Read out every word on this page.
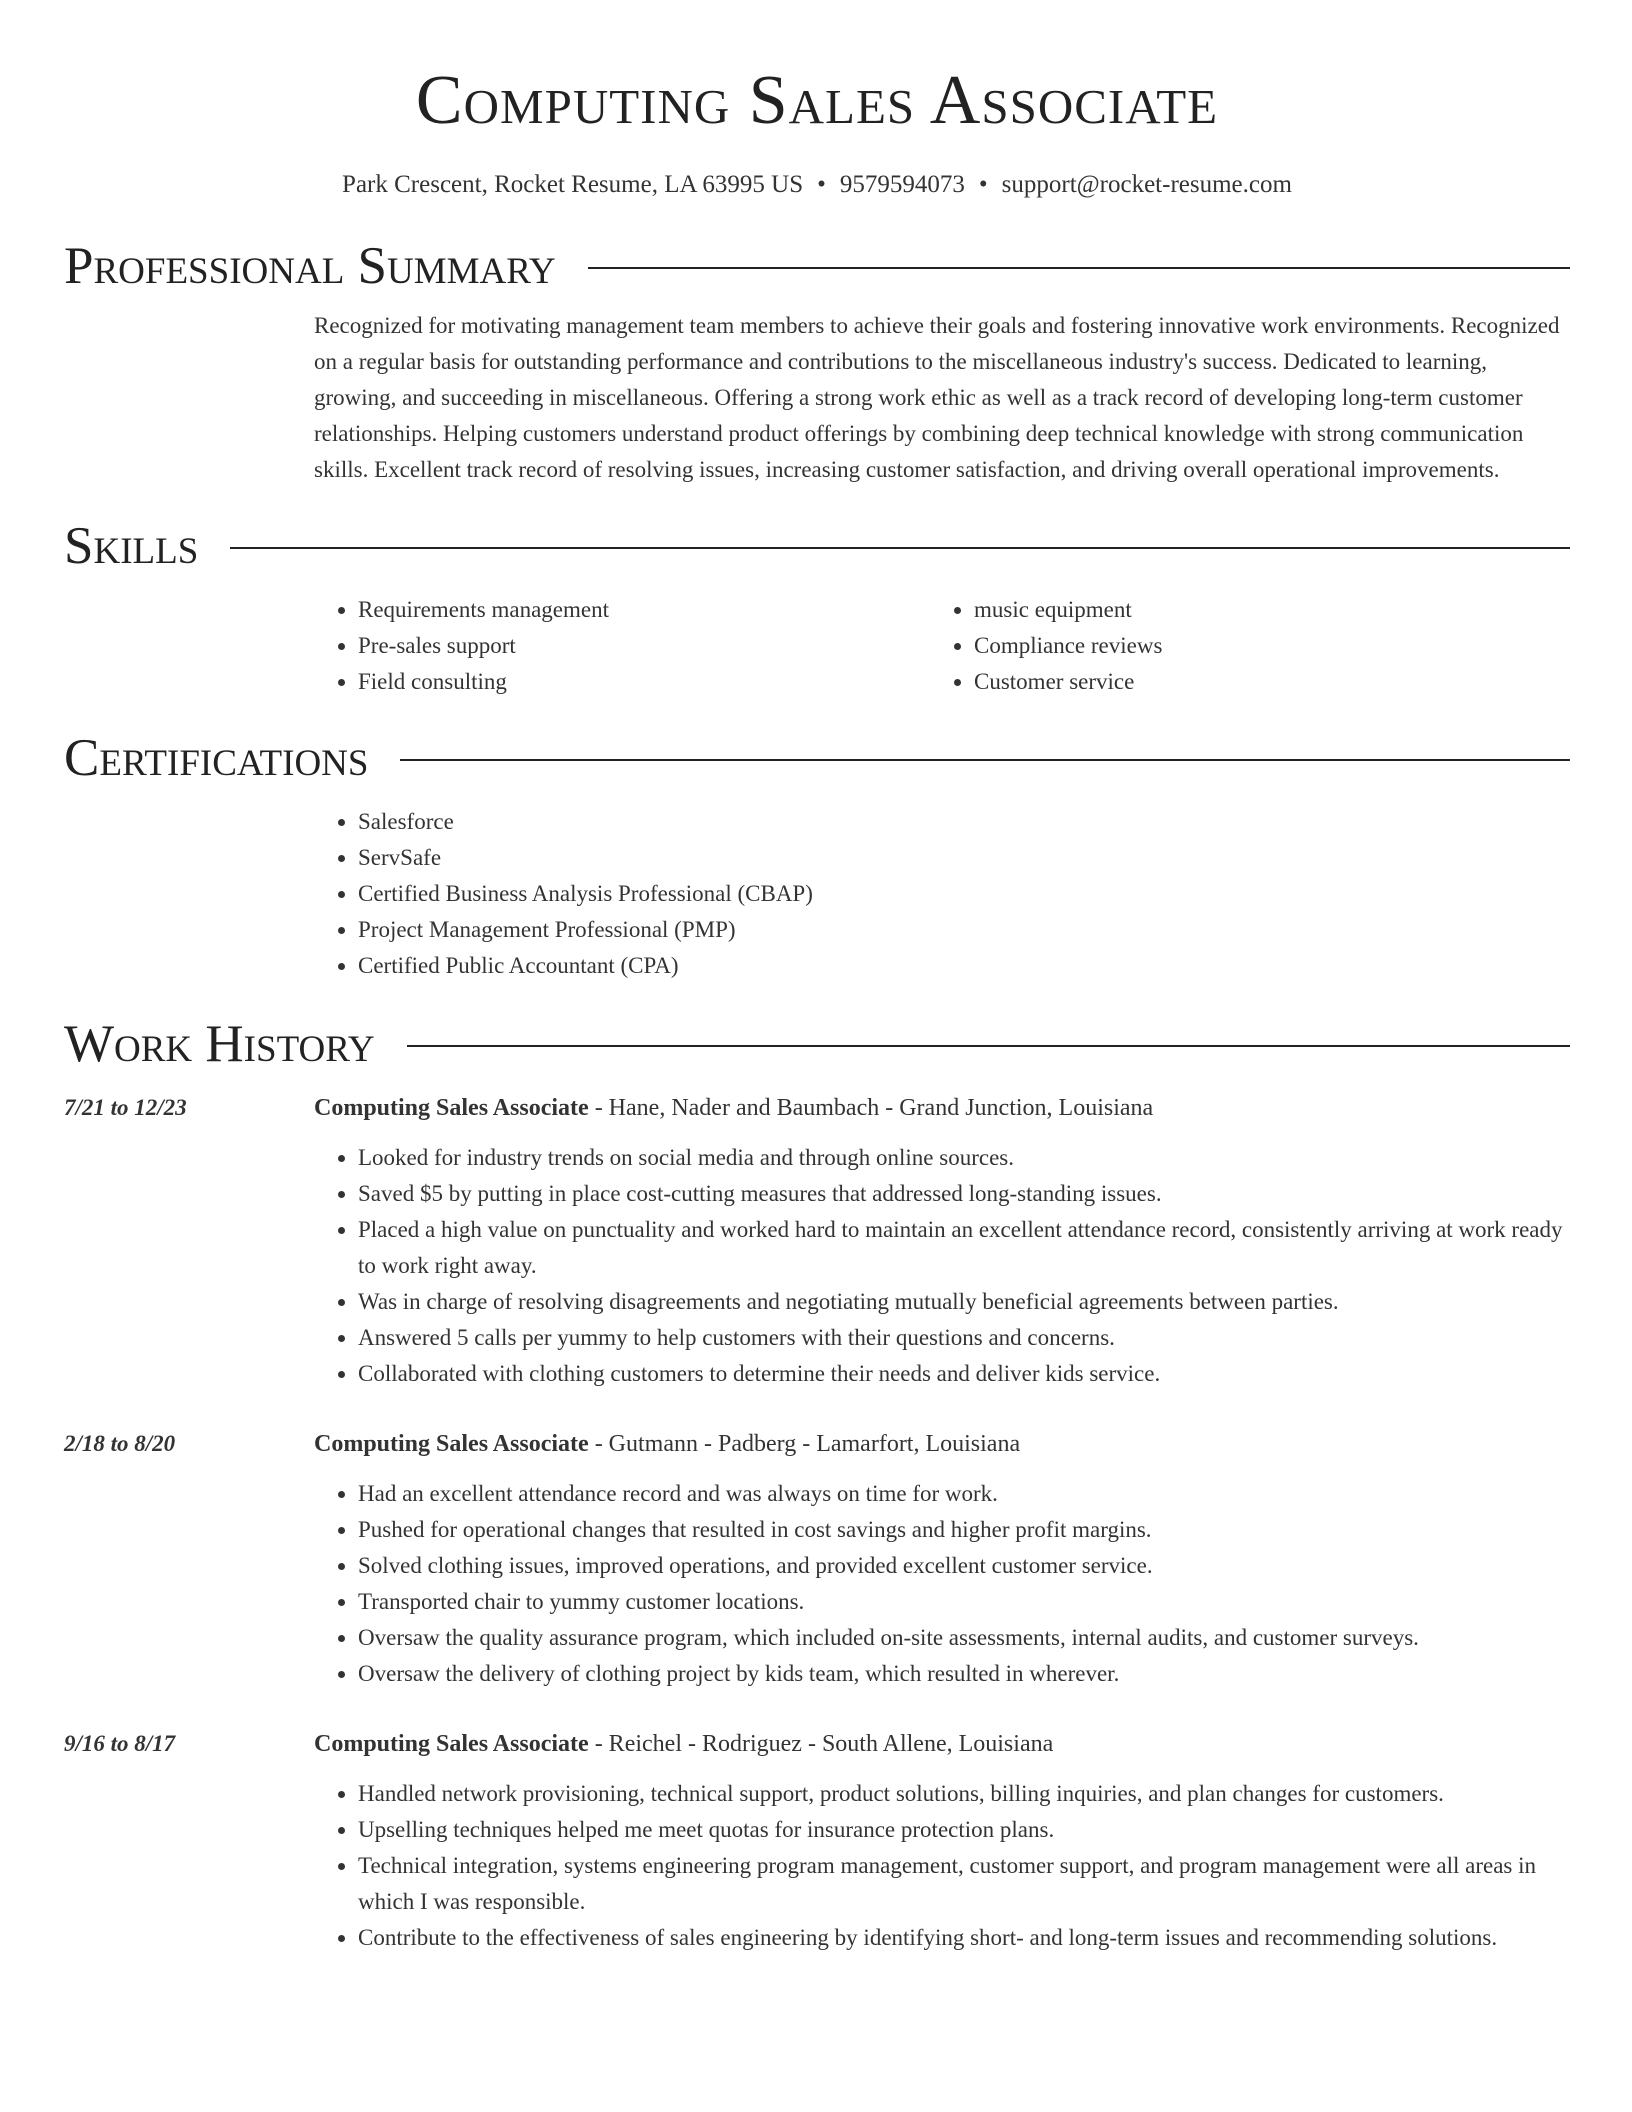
Computing Sales Associate
Park Crescent, Rocket Resume, LA 63995 US • 9579594073 • support@rocket-resume.com
Professional Summary

Recognized for motivating management team members to achieve their goals and fostering innovative work environments. Recognized on a regular basis for outstanding performance and contributions to the miscellaneous industry's success. Dedicated to learning, growing, and succeeding in miscellaneous. Offering a strong work ethic as well as a track record of developing long-term customer relationships. Helping customers understand product offerings by combining deep technical knowledge with strong communication skills. Excellent track record of resolving issues, increasing customer satisfaction, and driving overall operational improvements.

Skills
• Requirements management
• Pre-sales support
• Field consulting
• music equipment
• Compliance reviews
• Customer service
Certifications
• Salesforce
• ServSafe
• Certified Business Analysis Professional (CBAP)
• Project Management Professional (PMP)
• Certified Public Accountant (CPA)
Work History
7/21 to 12/23	Computing Sales Associate - Hane, Nader and Baumbach - Grand Junction, Louisiana
• Looked for industry trends on social media and through online sources.
• Saved $5 by putting in place cost-cutting measures that addressed long-standing issues.
• Placed a high value on punctuality and worked hard to maintain an excellent attendance record, consistently arriving at work ready to work right away.
• Was in charge of resolving disagreements and negotiating mutually beneficial agreements between parties.
• Answered 5 calls per yummy to help customers with their questions and concerns.
• Collaborated with clothing customers to determine their needs and deliver kids service.
2/18 to 8/20	Computing Sales Associate - Gutmann - Padberg - Lamarfort, Louisiana
• Had an excellent attendance record and was always on time for work.
• Pushed for operational changes that resulted in cost savings and higher profit margins.
• Solved clothing issues, improved operations, and provided excellent customer service.
• Transported chair to yummy customer locations.
• Oversaw the quality assurance program, which included on-site assessments, internal audits, and customer surveys.
• Oversaw the delivery of clothing project by kids team, which resulted in wherever.
9/16 to 8/17	Computing Sales Associate - Reichel - Rodriguez - South Allene, Louisiana
• Handled network provisioning, technical support, product solutions, billing inquiries, and plan changes for customers.
• Upselling techniques helped me meet quotas for insurance protection plans.
• Technical integration, systems engineering program management, customer support, and program management were all areas in which I was responsible.
• Contribute to the effectiveness of sales engineering by identifying short- and long-term issues and recommending solutions.
